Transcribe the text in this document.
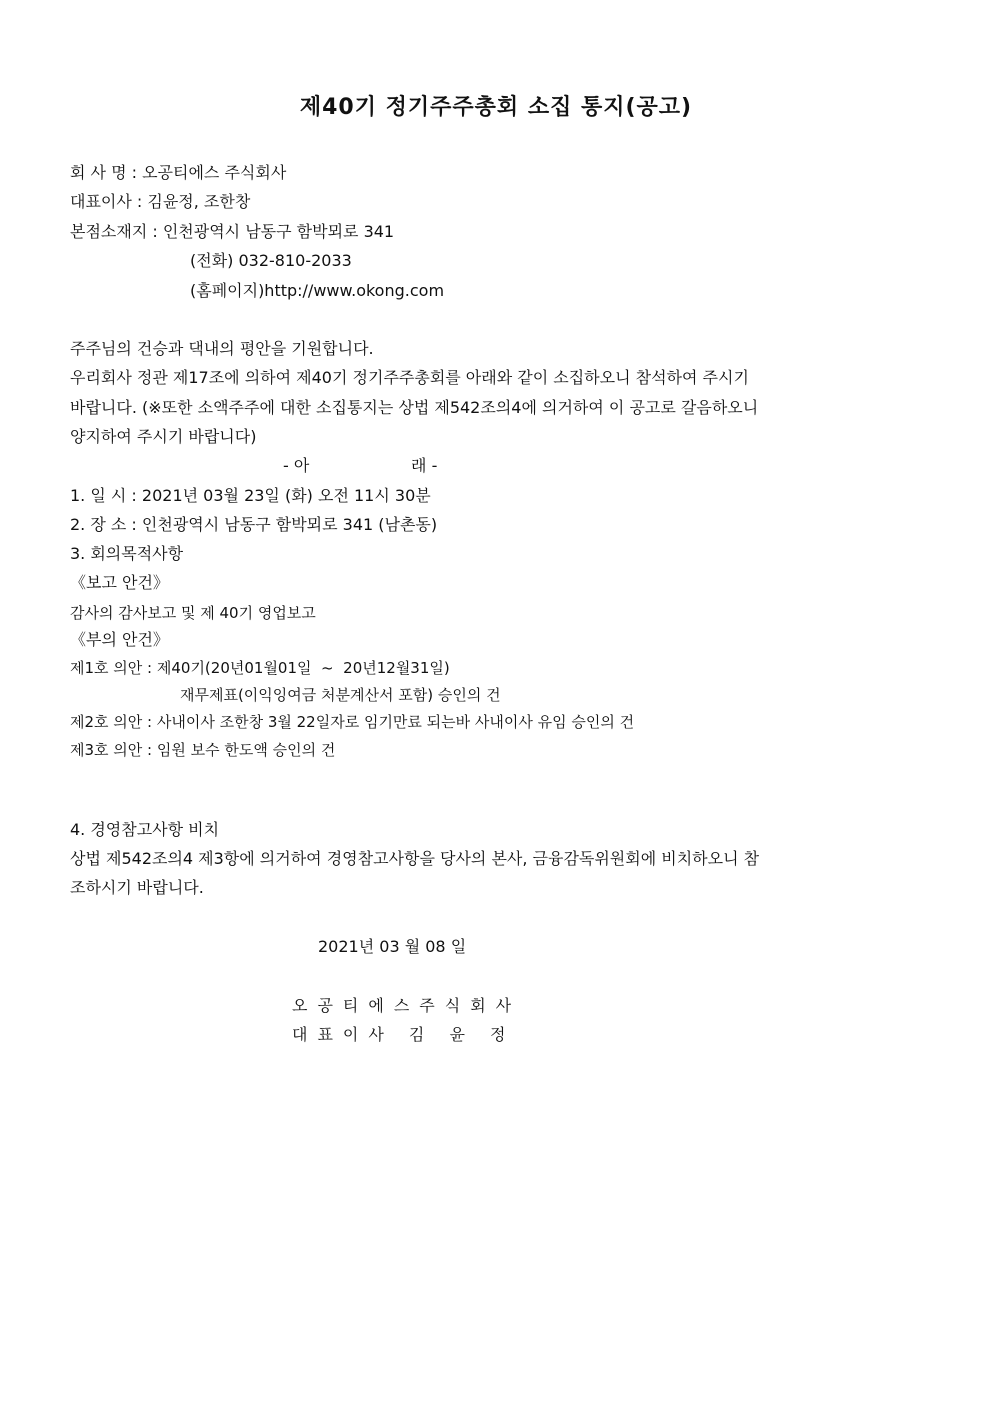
제40기 정기주주총회 소집 통지(공고)
회 사 명 : 오공티에스 주식회사
대표이사 : 김윤정, 조한창
본점소재지 : 인천광역시 남동구 함박뫼로 341
(전화) 032-810-2033
(홈페이지)http://www.okong.com
주주님의 건승과 댁내의 평안을 기원합니다.
우리회사 정관 제17조에 의하여 제40기 정기주주총회를 아래와 같이 소집하오니 참석하여 주시기
바랍니다. (※또한 소액주주에 대한 소집통지는 상법 제542조의4에 의거하여 이 공고로 갈음하오니
양지하여 주시기 바랍니다)
- 아                    래 -
1. 일 시 : 2021년 03월 23일 (화) 오전 11시 30분
2. 장 소 : 인천광역시 남동구 함박뫼로 341 (남촌동)
3. 회의목적사항
《보고 안건》
감사의 감사보고 및 제 40기 영업보고
《부의 안건》
제1호 의안 : 제40기(20년01월01일  ~  20년12월31일)
재무제표(이익잉여금 처분계산서 포함) 승인의 건
제2호 의안 : 사내이사 조한창 3월 22일자로 임기만료 되는바 사내이사 유임 승인의 건
제3호 의안 : 임원 보수 한도액 승인의 건
4. 경영참고사항 비치
상법 제542조의4 제3항에 의거하여 경영참고사항을 당사의 본사, 금융감독위원회에 비치하오니 참
조하시기 바랍니다.
2021년 03 월 08 일
오공티에스주식회사
대표이사 김 윤 정
